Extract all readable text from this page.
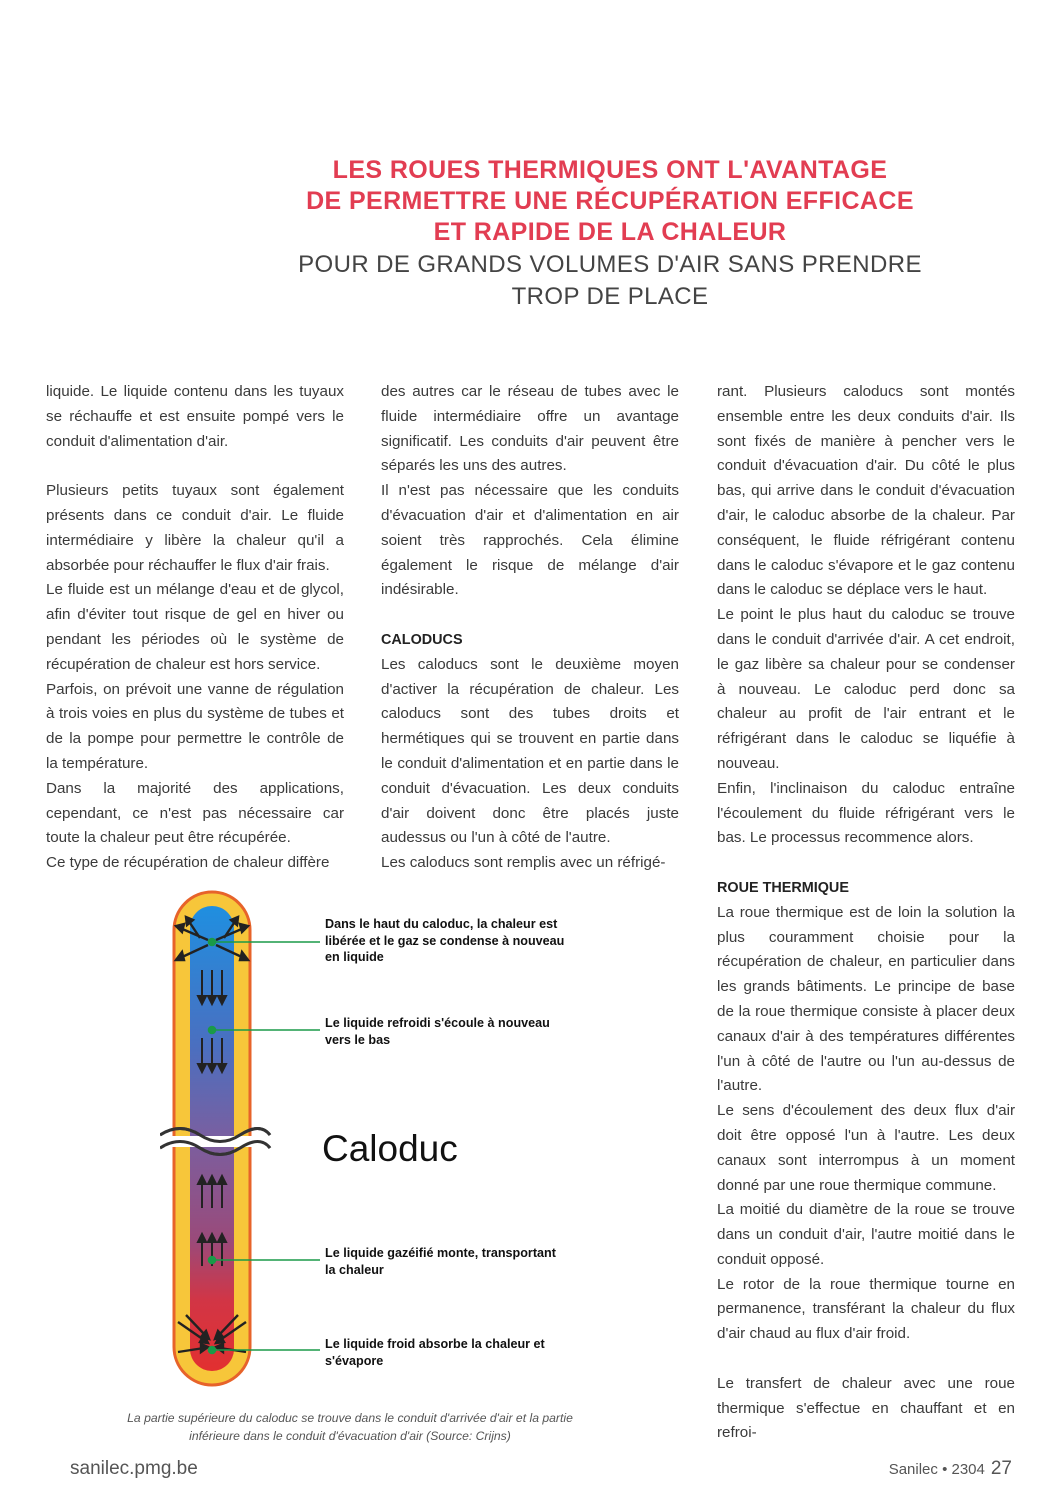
LES ROUES THERMIQUES ONT L'AVANTAGE
DE PERMETTRE UNE RÉCUPÉRATION EFFICACE
ET RAPIDE DE LA CHALEUR
POUR DE GRANDS VOLUMES D'AIR SANS PRENDRE
TROP DE PLACE

liquide. Le liquide contenu dans les tuyaux se réchauffe et est ensuite pompé vers le conduit d'alimentation d'air.

Plusieurs petits tuyaux sont également présents dans ce conduit d'air. Le fluide intermédiaire y libère la chaleur qu'il a absorbée pour réchauffer le flux d'air frais.

Le fluide est un mélange d'eau et de glycol, afin d'éviter tout risque de gel en hiver ou pendant les périodes où le système de récupération de chaleur est hors service.

Parfois, on prévoit une vanne de régulation à trois voies en plus du système de tubes et de la pompe pour permettre le contrôle de la température.

Dans la majorité des applications, cependant, ce n'est pas nécessaire car toute la chaleur peut être récupérée.

Ce type de récupération de chaleur diffère

des autres car le réseau de tubes avec le fluide intermédiaire offre un avantage significatif. Les conduits d'air peuvent être séparés les uns des autres.

Il n'est pas nécessaire que les conduits d'évacuation d'air et d'alimentation en air soient très rapprochés. Cela élimine également le risque de mélange d'air indésirable.

CALODUCS

Les caloducs sont le deuxième moyen d'activer la récupération de chaleur. Les caloducs sont des tubes droits et hermétiques qui se trouvent en partie dans le conduit d'alimentation et en partie dans le conduit d'évacuation. Les deux conduits d'air doivent donc être placés juste audessus ou l'un à côté de l'autre.

Les caloducs sont remplis avec un réfrigé-

rant. Plusieurs caloducs sont montés ensemble entre les deux conduits d'air. Ils sont fixés de manière à pencher vers le conduit d'évacuation d'air. Du côté le plus bas, qui arrive dans le conduit d'évacuation d'air, le caloduc absorbe de la chaleur. Par conséquent, le fluide réfrigérant contenu dans le caloduc s'évapore et le gaz contenu dans le caloduc se déplace vers le haut.

Le point le plus haut du caloduc se trouve dans le conduit d'arrivée d'air. A cet endroit, le gaz libère sa chaleur pour se condenser à nouveau. Le caloduc perd donc sa chaleur au profit de l'air entrant et le réfrigérant dans le caloduc se liquéfie à nouveau.

Enfin, l'inclinaison du caloduc entraîne l'écoulement du fluide réfrigérant vers le bas. Le processus recommence alors.

ROUE THERMIQUE

La roue thermique est de loin la solution la plus couramment choisie pour la récupération de chaleur, en particulier dans les grands bâtiments. Le principe de base de la roue thermique consiste à placer deux canaux d'air à des températures différentes l'un à côté de l'autre ou l'un au-dessus de l'autre.

Le sens d'écoulement des deux flux d'air doit être opposé l'un à l'autre. Les deux canaux sont interrompus à un moment donné par une roue thermique commune.

La moitié du diamètre de la roue se trouve dans un conduit d'air, l'autre moitié dans le conduit opposé.

Le rotor de la roue thermique tourne en permanence, transférant la chaleur du flux d'air chaud au flux d'air froid.

Le transfert de chaleur avec une roue thermique s'effectue en chauffant et en refroi-

Dans le haut du caloduc, la chaleur est libérée et le gaz se condense à nouveau en liquide
Le liquide refroidi s'écoule à nouveau vers le bas
Caloduc
Le liquide gazéifié monte, transportant la chaleur
Le liquide froid absorbe la chaleur et s'évapore
La partie supérieure du caloduc se trouve dans le conduit d'arrivée d'air et la partie inférieure dans le conduit d'évacuation d'air (Source: Crijns)
sanilec.pmg.be	Sanilec • 2304 27
